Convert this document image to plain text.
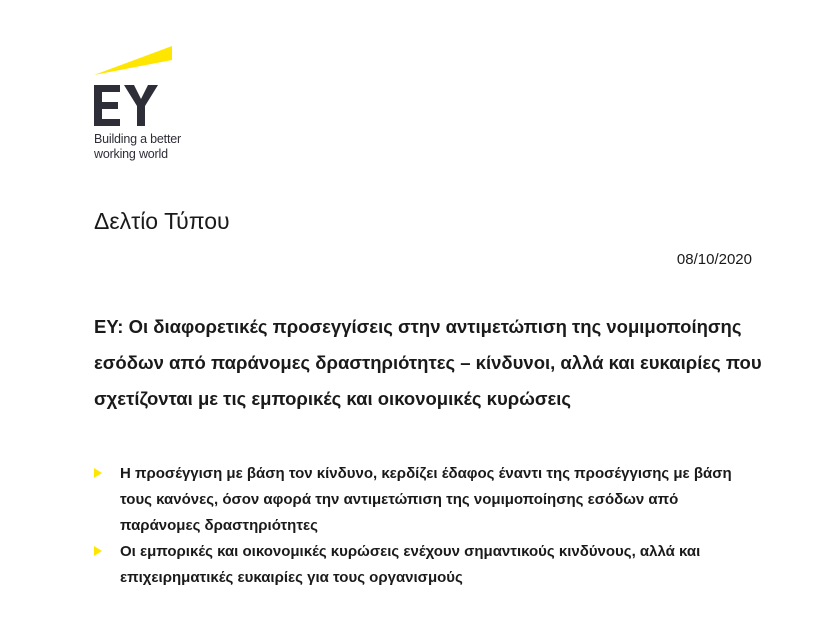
Building a better
working world
Δελτίο Τύπου
08/10/2020
EY: Οι διαφορετικές προσεγγίσεις στην αντιμετώπιση της νομιμοποίησης εσόδων από παράνομες δραστηριότητες – κίνδυνοι, αλλά και ευκαιρίες που σχετίζονται με τις εμπορικές και οικονομικές κυρώσεις
Η προσέγγιση με βάση τον κίνδυνο, κερδίζει έδαφος έναντι της προσέγγισης με βάση τους κανόνες, όσον αφορά την αντιμετώπιση της νομιμοποίησης εσόδων από παράνομες δραστηριότητες
Οι εμπορικές και οικονομικές κυρώσεις ενέχουν σημαντικούς κινδύνους, αλλά και επιχειρηματικές ευκαιρίες για τους οργανισμούς
